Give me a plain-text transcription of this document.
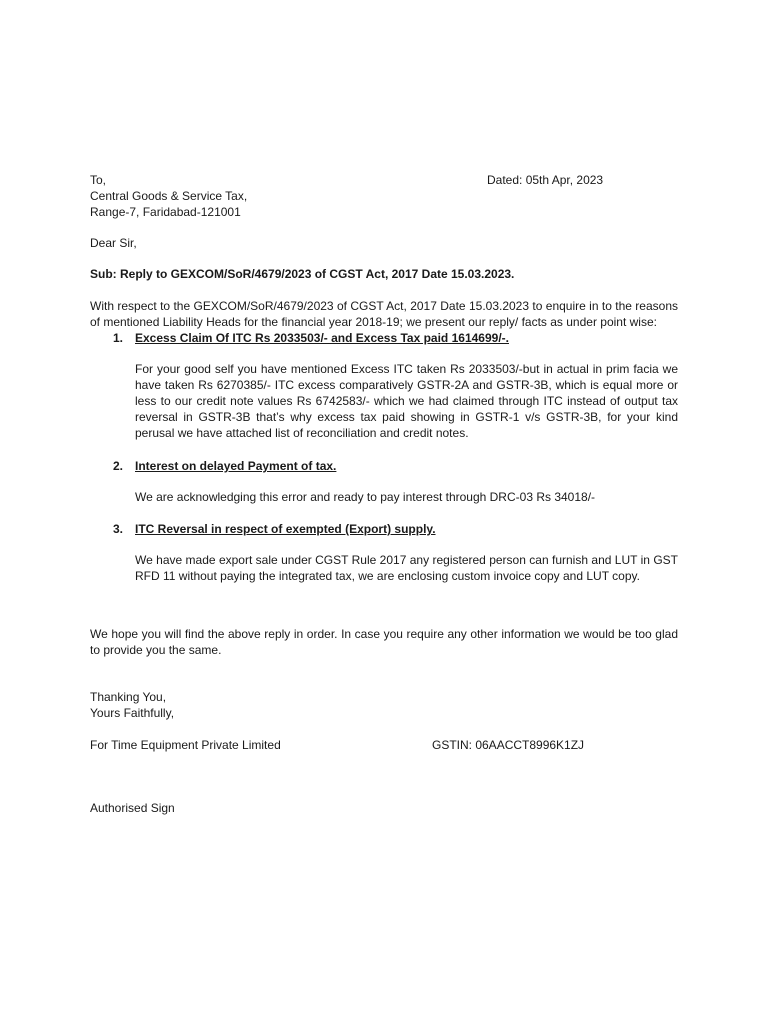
To,	Dated: 05th Apr, 2023
Central Goods & Service Tax,
Range-7, Faridabad-121001
Dear Sir,
Sub: Reply to GEXCOM/SoR/4679/2023 of CGST Act, 2017 Date 15.03.2023.
With respect to the GEXCOM/SoR/4679/2023 of CGST Act, 2017 Date 15.03.2023 to enquire in to the reasons of mentioned Liability Heads for the financial year 2018-19; we present our reply/ facts as under point wise:
1. Excess Claim Of ITC Rs 2033503/- and Excess Tax paid 1614699/-.
For your good self you have mentioned Excess ITC taken Rs 2033503/-but in actual in prim facia we have taken Rs 6270385/- ITC excess comparatively GSTR-2A and GSTR-3B, which is equal more or less to our credit note values Rs 6742583/- which we had claimed through ITC instead of output tax reversal in GSTR-3B that’s why excess tax paid showing in GSTR-1 v/s GSTR-3B, for your kind perusal we have attached list of reconciliation and credit notes.
2. Interest on delayed Payment of tax.
We are acknowledging this error and ready to pay interest through DRC-03 Rs 34018/-
3. ITC Reversal in respect of exempted (Export) supply.
We have made export sale under CGST Rule 2017 any registered person can furnish and LUT in GST RFD 11 without paying the integrated tax, we are enclosing custom invoice copy and LUT copy.
We hope you will find the above reply in order. In case you require any other information we would be too glad to provide you the same.
Thanking You,
Yours Faithfully,
For Time Equipment Private Limited	GSTIN: 06AACCT8996K1ZJ
Authorised Sign
